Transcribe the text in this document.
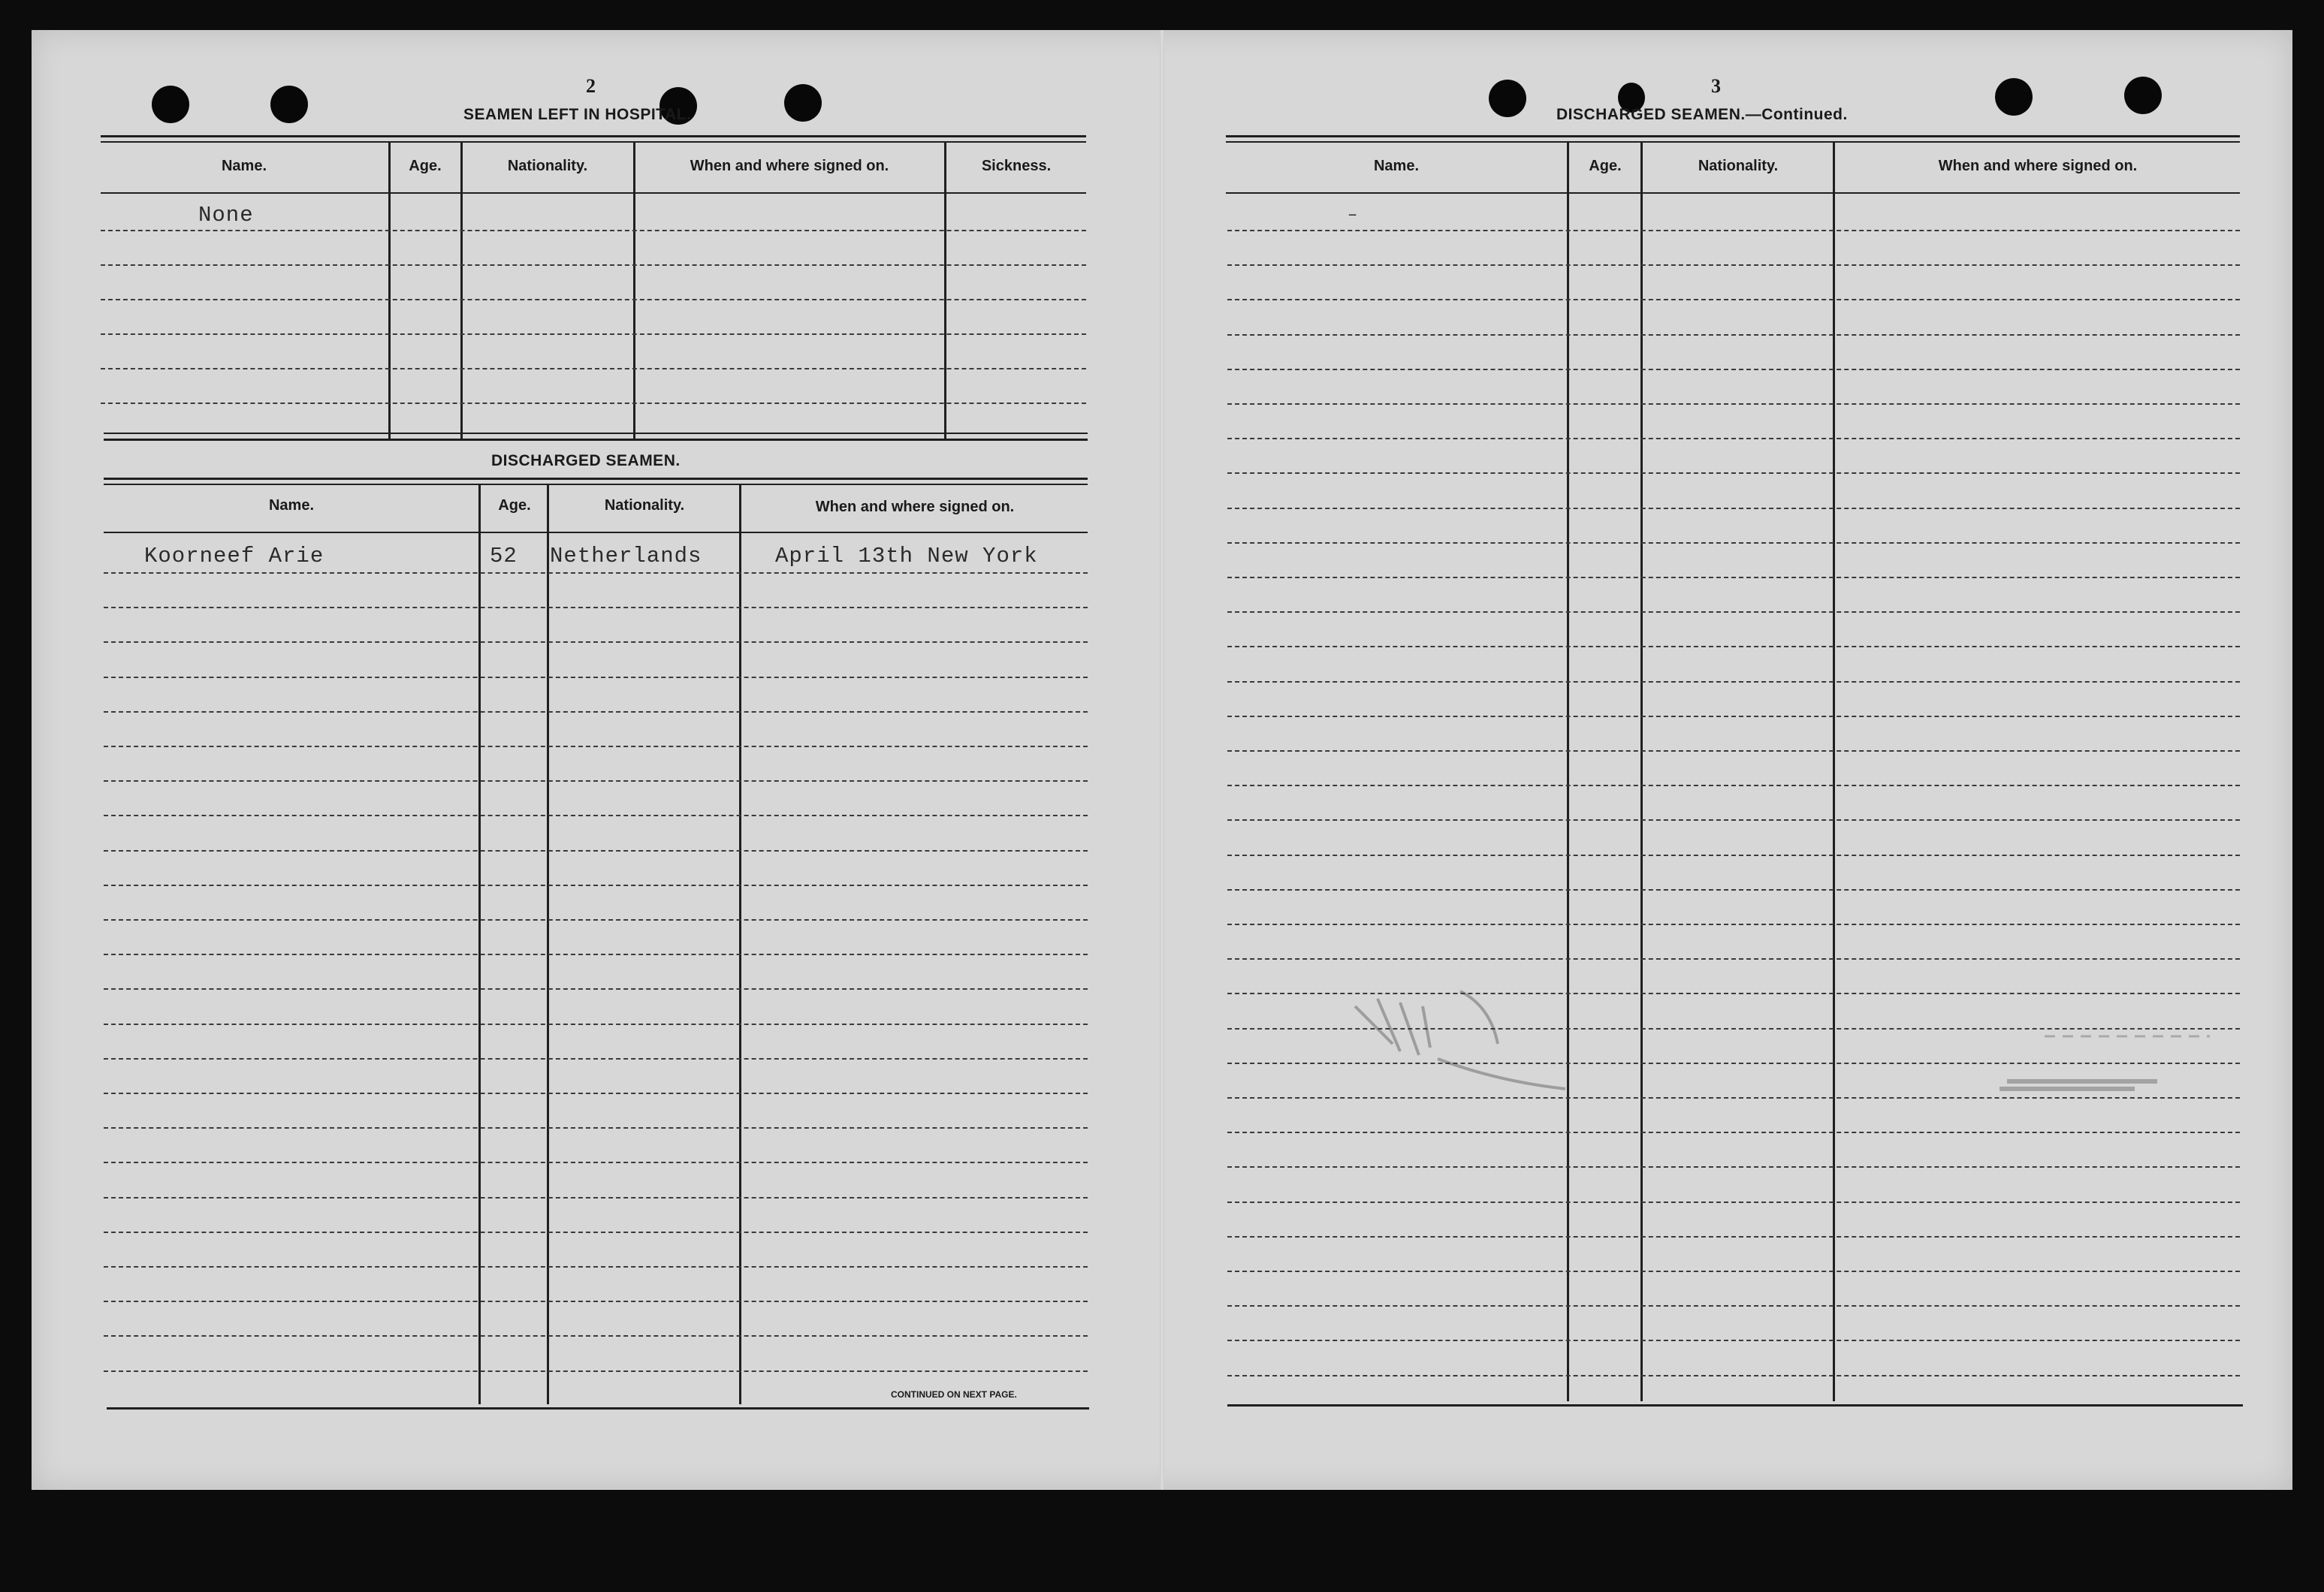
2
SEAMEN LEFT IN HOSPITAL.
Name.	Age.	Nationality.	When and where signed on.	Sickness.
None
DISCHARGED SEAMEN.
Name.	Age.	Nationality.	When and where signed on.
Koorneef Arie	52 Netherlands	April 13th New York
CONTINUED ON NEXT PAGE.
3
DISCHARGED SEAMEN.—Continued.
Name.	Age.	Nationality.	When and where signed on.
–
